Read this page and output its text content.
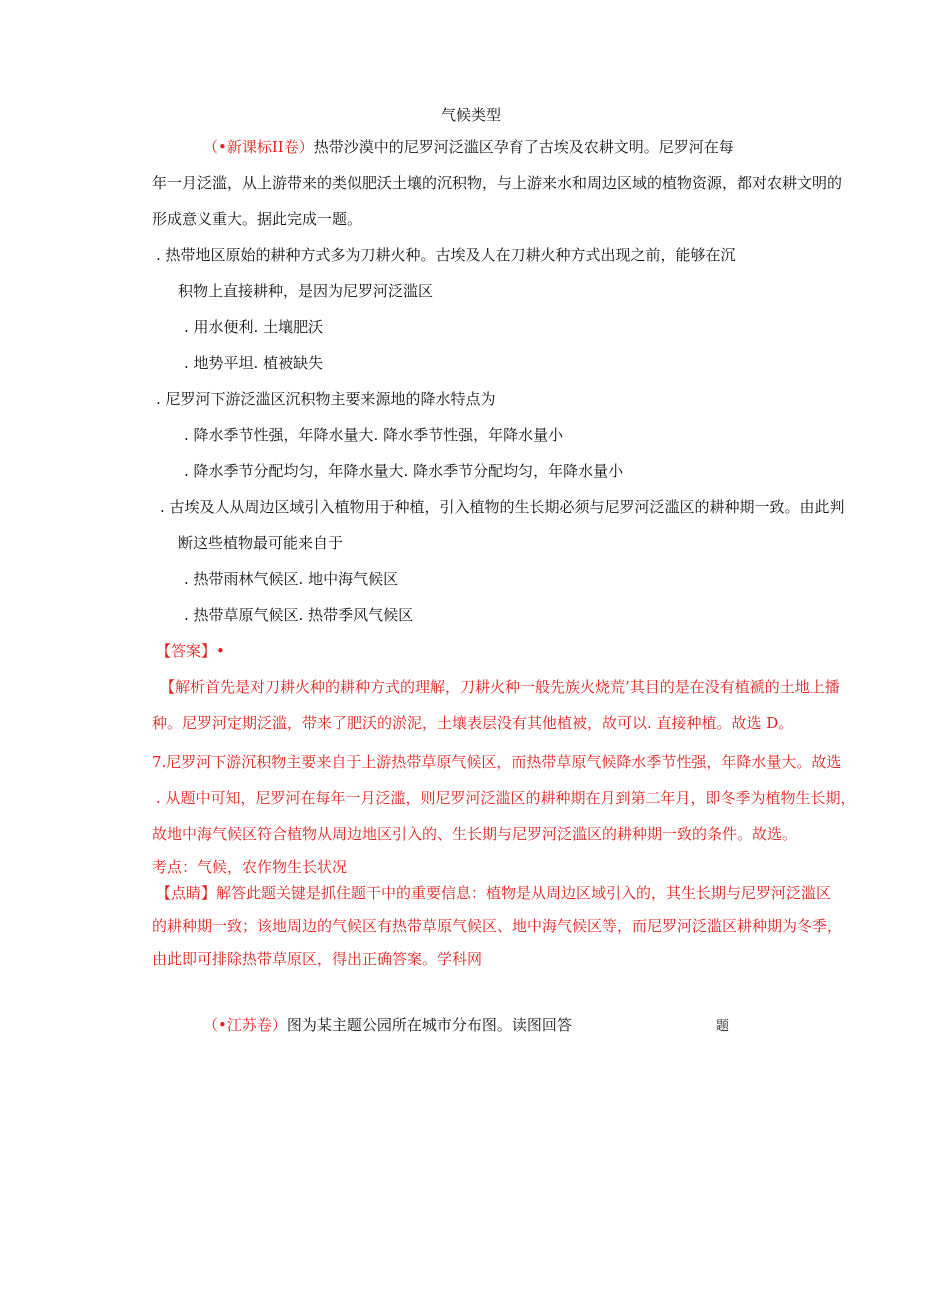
气候类型
（•新课标II卷）热带沙漠中的尼罗河泛滥区孕育了古埃及农耕文明。尼罗河在每
年一月泛滥，从上游带来的类似肥沃土壤的沉积物，与上游来水和周边区域的植物资源，都对农耕文明的
形成意义重大。据此完成一题。
. 热带地区原始的耕种方式多为刀耕火种。古埃及人在刀耕火种方式出现之前，能够在沉
积物上直接耕种，是因为尼罗河泛滥区
. 用水便利. 土壤肥沃
. 地势平坦. 植被缺失
. 尼罗河下游泛滥区沉积物主要来源地的降水特点为
. 降水季节性强，年降水量大. 降水季节性强，年降水量小
. 降水季节分配均匀，年降水量大. 降水季节分配均匀，年降水量小
. 古埃及人从周边区域引入植物用于种植，引入植物的生长期必须与尼罗河泛滥区的耕种期一致。由此判
断这些植物最可能来自于
. 热带雨林气候区. 地中海气候区
. 热带草原气候区. 热带季风气候区
【答案】•
【解析首先是对刀耕火种的耕种方式的理解，刀耕火种一般先族火烧荒’其目的是在没有植褫的土地上播
种。尼罗河定期泛滥，带来了肥沃的淤泥，土壤表层没有其他植被，故可以. 直接种植。故选 D。
7.尼罗河下游沉积物主要来自于上游热带草原气候区，而热带草原气候降水季节性强，年降水量大。故选
. 从题中可知，尼罗河在每年一月泛滥，则尼罗河泛滥区的耕种期在月到第二年月，即冬季为植物生长期，
故地中海气候区符合植物从周边地区引入的、生长期与尼罗河泛滥区的耕种期一致的条件。故选。
考点：气候，农作物生长状况
【点睛】解答此题关键是抓住题干中的重要信息：植物是从周边区域引入的，其生长期与尼罗河泛滥区
的耕种期一致；该地周边的气候区有热带草原气候区、地中海气候区等，而尼罗河泛滥区耕种期为冬季，
由此即可排除热带草原区，得出正确答案。学科网
（•江苏卷）图为某主题公园所在城市分布图。读图回答	题
